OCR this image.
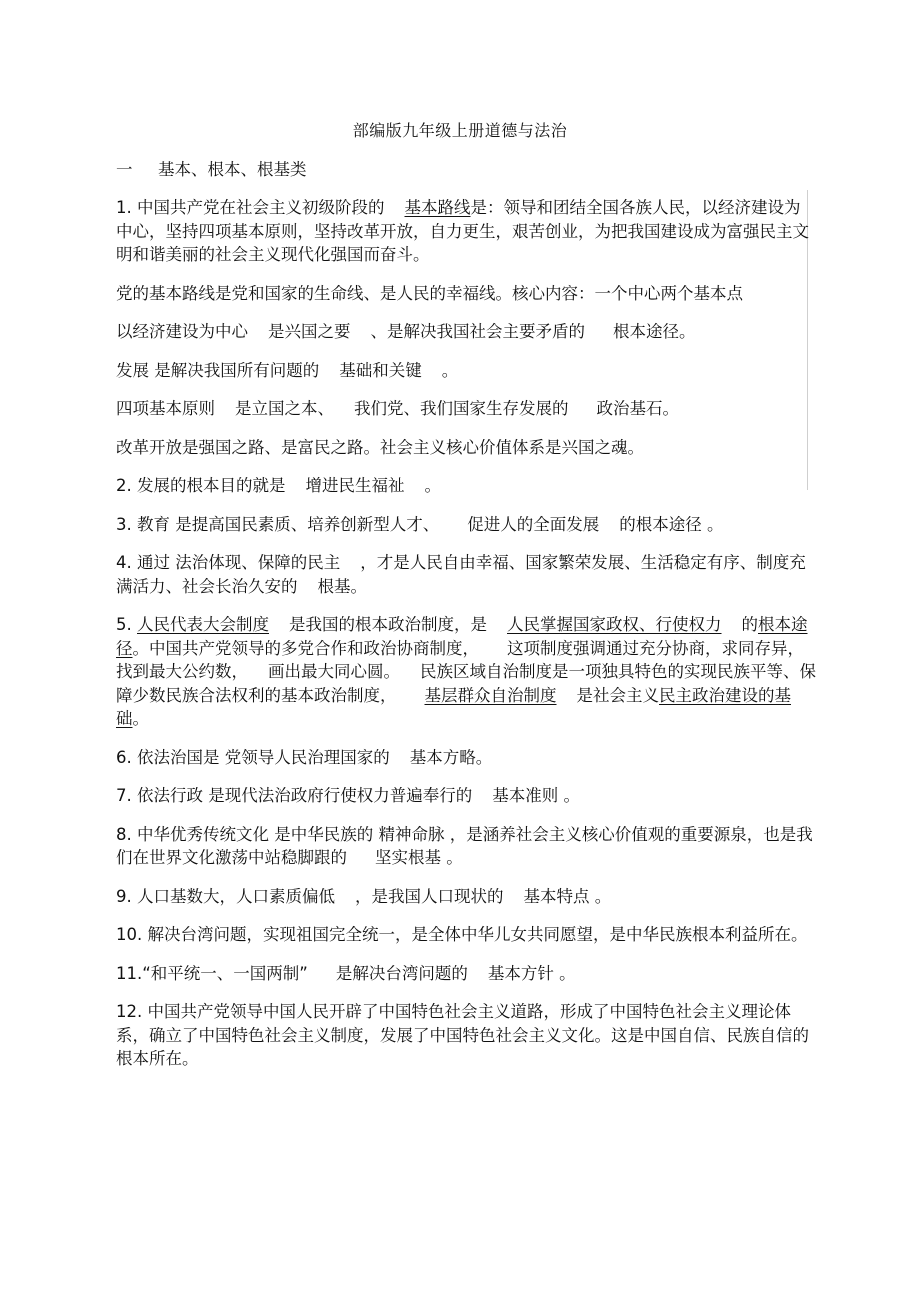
部编版九年级上册道德与法治
一 基本、根本、根基类

1. 中国共产党在社会主义初级阶段的 基本路线是：领导和团结全国各族人民，以经济建设为中心，坚持四项基本原则，坚持改革开放，自力更生，艰苦创业，为把我国建设成为富强民主文明和谐美丽的社会主义现代化强国而奋斗。

党的基本路线是党和国家的生命线、是人民的幸福线。核心内容：一个中心两个基本点

以经济建设为中心 是兴国之要 、是解决我国社会主要矛盾的 根本途径。

发展 是解决我国所有问题的 基础和关键 。

四项基本原则 是立国之本、 我们党、我们国家生存发展的 政治基石。

改革开放是强国之路、是富民之路。社会主义核心价值体系是兴国之魂。

2. 发展的根本目的就是 增进民生福祉 。

3. 教育 是提高国民素质、培养创新型人才、 促进人的全面发展 的根本途径 。

4. 通过 法治体现、保障的民主 ，才是人民自由幸福、国家繁荣发展、生活稳定有序、制度充满活力、社会长治久安的 根基。

5. 人民代表大会制度 是我国的根本政治制度，是 人民掌握国家政权、行使权力 的根本途径。中国共产党领导的多党合作和政治协商制度， 这项制度强调通过充分协商，求同存异，找到最大公约数， 画出最大同心圆。 民族区域自治制度是一项独具特色的实现民族平等、保障少数民族合法权利的基本政治制度， 基层群众自治制度 是社会主义民主政治建设的基础。

6. 依法治国是 党领导人民治理国家的 基本方略。

7. 依法行政 是现代法治政府行使权力普遍奉行的 基本准则 。

8. 中华优秀传统文化 是中华民族的 精神命脉 ，是涵养社会主义核心价值观的重要源泉，也是我们在世界文化激荡中站稳脚跟的 坚实根基 。

9. 人口基数大，人口素质偏低 ，是我国人口现状的 基本特点 。

10. 解决台湾问题，实现祖国完全统一，是全体中华儿女共同愿望，是中华民族根本利益所在。

11.“和平统一、一国两制” 是解决台湾问题的 基本方针 。

12. 中国共产党领导中国人民开辟了中国特色社会主义道路，形成了中国特色社会主义理论体系，确立了中国特色社会主义制度，发展了中国特色社会主义文化。这是中国自信、民族自信的根本所在。
